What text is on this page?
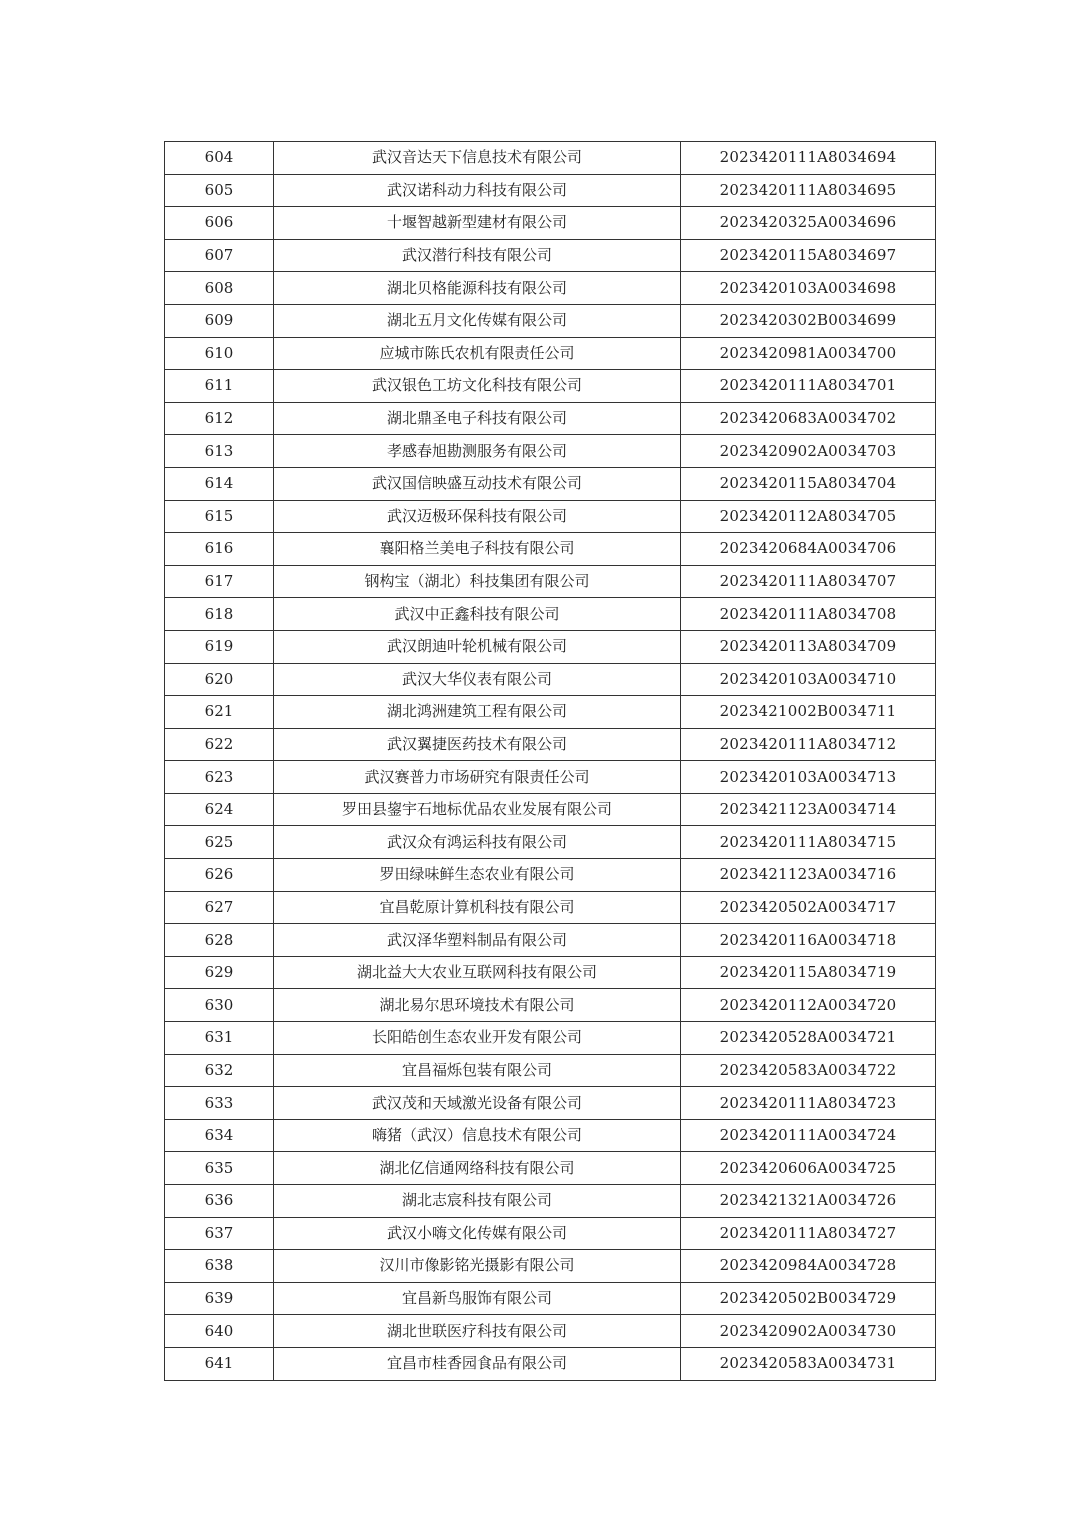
604	武汉音达天下信息技术有限公司	2023420111A8034694
605	武汉诺科动力科技有限公司	2023420111A8034695
606	十堰智越新型建材有限公司	2023420325A0034696
607	武汉潜行科技有限公司	2023420115A8034697
608	湖北贝格能源科技有限公司	2023420103A0034698
609	湖北五月文化传媒有限公司	2023420302B0034699
610	应城市陈氏农机有限责任公司	2023420981A0034700
611	武汉银色工坊文化科技有限公司	2023420111A8034701
612	湖北鼎圣电子科技有限公司	2023420683A0034702
613	孝感春旭勘测服务有限公司	2023420902A0034703
614	武汉国信映盛互动技术有限公司	2023420115A8034704
615	武汉迈极环保科技有限公司	2023420112A8034705
616	襄阳格兰美电子科技有限公司	2023420684A0034706
617	钢构宝（湖北）科技集团有限公司	2023420111A8034707
618	武汉中正鑫科技有限公司	2023420111A8034708
619	武汉朗迪叶轮机械有限公司	2023420113A8034709
620	武汉大华仪表有限公司	2023420103A0034710
621	湖北鸿洲建筑工程有限公司	2023421002B0034711
622	武汉翼捷医药技术有限公司	2023420111A8034712
623	武汉赛普力市场研究有限责任公司	2023420103A0034713
624	罗田县鋆宇石地标优品农业发展有限公司	2023421123A0034714
625	武汉众有鸿运科技有限公司	2023420111A8034715
626	罗田绿味鲜生态农业有限公司	2023421123A0034716
627	宜昌乾原计算机科技有限公司	2023420502A0034717
628	武汉泽华塑料制品有限公司	2023420116A0034718
629	湖北益大大农业互联网科技有限公司	2023420115A8034719
630	湖北易尔思环境技术有限公司	2023420112A0034720
631	长阳皓创生态农业开发有限公司	2023420528A0034721
632	宜昌福烁包装有限公司	2023420583A0034722
633	武汉茂和天域激光设备有限公司	2023420111A8034723
634	嗨猪（武汉）信息技术有限公司	2023420111A0034724
635	湖北亿信通网络科技有限公司	2023420606A0034725
636	湖北志宸科技有限公司	2023421321A0034726
637	武汉小嗨文化传媒有限公司	2023420111A8034727
638	汉川市像影铭光摄影有限公司	2023420984A0034728
639	宜昌新鸟服饰有限公司	2023420502B0034729
640	湖北世联医疗科技有限公司	2023420902A0034730
641	宜昌市桂香园食品有限公司	2023420583A0034731
